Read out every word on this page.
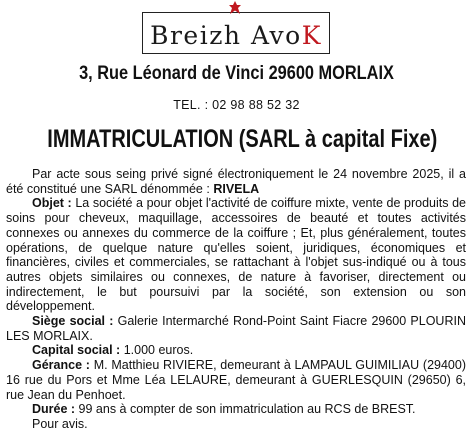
Breizh AvoK
3, Rue Léonard de Vinci 29600 MORLAIX
TEL. : 02 98 88 52 32
IMMATRICULATION (SARL à capital Fixe)

Par acte sous seing privé signé électroniquement le 24 novembre 2025, il a été constitué une SARL dénommée : RIVELA

Objet : La société a pour objet l'activité de coiffure mixte, vente de produits de soins pour cheveux, maquillage, accessoires de beauté et toutes activités connexes ou annexes du commerce de la coiffure ; Et, plus généralement, toutes opérations, de quelque nature qu'elles soient, juridiques, économiques et financières, civiles et commerciales, se rattachant à l'objet sus-indiqué ou à tous autres objets similaires ou connexes, de nature à favoriser, directement ou indirectement, le but poursuivi par la société, son extension ou son développement.

Siège social : Galerie Intermarché Rond-Point Saint Fiacre 29600 PLOURIN LES MORLAIX.

Capital social : 1.000 euros.

Gérance : M. Matthieu RIVIERE, demeurant à LAMPAUL GUIMILIAU (29400) 16 rue du Pors et Mme Léa LELAURE, demeurant à GUERLESQUIN (29650) 6, rue Jean du Penhoet.

Durée : 99 ans à compter de son immatriculation au RCS de BREST.

Pour avis.
